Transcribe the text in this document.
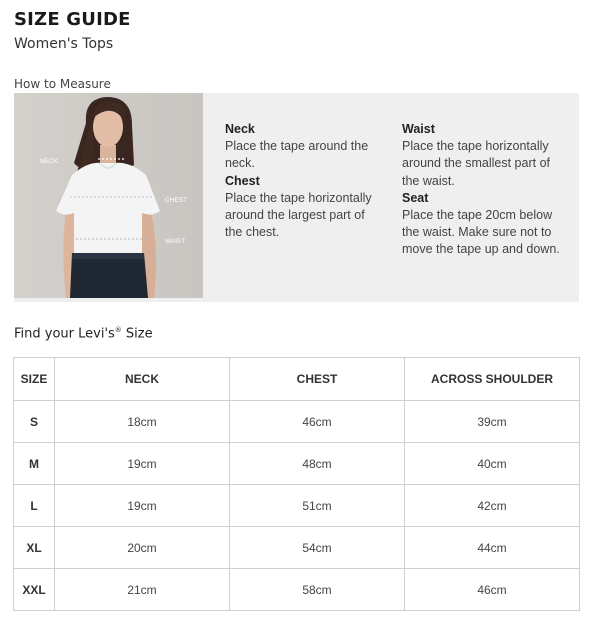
SIZE GUIDE
Women's Tops
How to Measure
NECK
CHEST
WAIST
Neck
Place the tape around the neck.
Chest
Place the tape horizontally around the largest part of the chest.
Waist
Place the tape horizontally around the smallest part of the waist.
Seat
Place the tape 20cm below the waist. Make sure not to move the tape up and down.
Find your Levi's® Size
SIZE	NECK	CHEST	ACROSS SHOULDER
S	18cm	46cm	39cm
M	19cm	48cm	40cm
L	19cm	51cm	42cm
XL	20cm	54cm	44cm
XXL	21cm	58cm	46cm
